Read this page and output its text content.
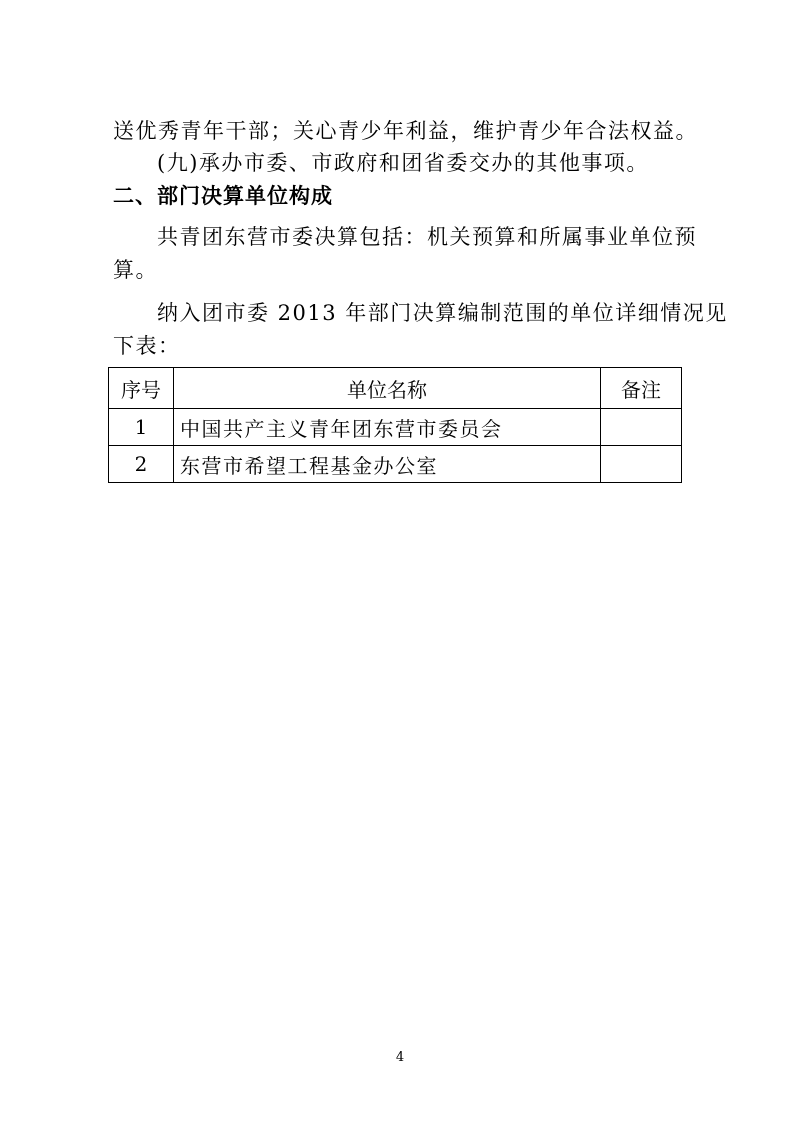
送优秀青年干部；关心青少年利益，维护青少年合法权益。
(九)承办市委、市政府和团省委交办的其他事项。
二、部门决算单位构成
共青团东营市委决算包括：机关预算和所属事业单位预
算。
纳入团市委 2013 年部门决算编制范围的单位详细情况见
下表：
序号	单位名称	备注
1	中国共产主义青年团东营市委员会	
2	东营市希望工程基金办公室	
4
